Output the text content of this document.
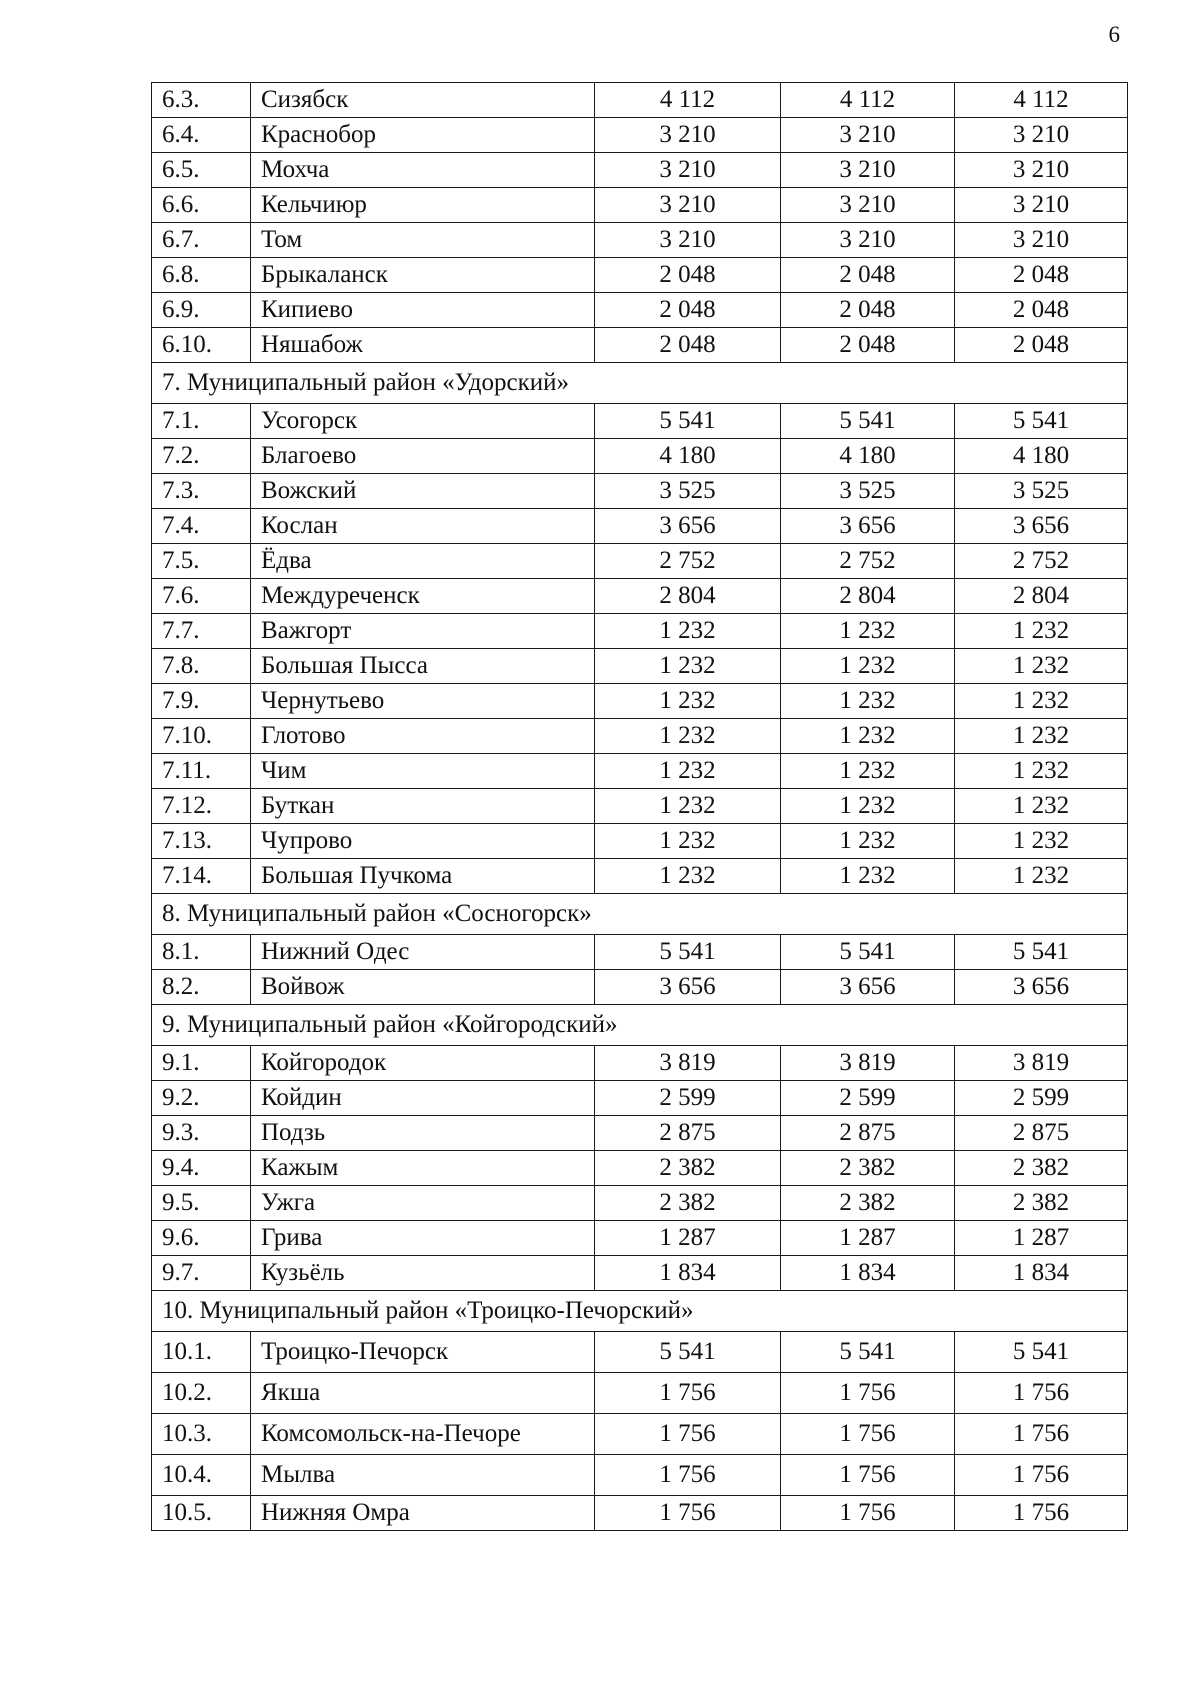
6
6.3.	Сизябск	4 112	4 112	4 112
6.4.	Краснобор	3 210	3 210	3 210
6.5.	Мохча	3 210	3 210	3 210
6.6.	Кельчиюр	3 210	3 210	3 210
6.7.	Том	3 210	3 210	3 210
6.8.	Брыкаланск	2 048	2 048	2 048
6.9.	Кипиево	2 048	2 048	2 048
6.10.	Няшабож	2 048	2 048	2 048
7. Муниципальный район «Удорский»				
7.1.	Усогорск	5 541	5 541	5 541
7.2.	Благоево	4 180	4 180	4 180
7.3.	Вожский	3 525	3 525	3 525
7.4.	Кослан	3 656	3 656	3 656
7.5.	Ёдва	2 752	2 752	2 752
7.6.	Междуреченск	2 804	2 804	2 804
7.7.	Важгорт	1 232	1 232	1 232
7.8.	Большая Пысса	1 232	1 232	1 232
7.9.	Чернутьево	1 232	1 232	1 232
7.10.	Глотово	1 232	1 232	1 232
7.11.	Чим	1 232	1 232	1 232
7.12.	Буткан	1 232	1 232	1 232
7.13.	Чупрово	1 232	1 232	1 232
7.14.	Большая Пучкома	1 232	1 232	1 232
8. Муниципальный район «Сосногорск»				
8.1.	Нижний Одес	5 541	5 541	5 541
8.2.	Войвож	3 656	3 656	3 656
9. Муниципальный район «Койгородский»				
9.1.	Койгородок	3 819	3 819	3 819
9.2.	Койдин	2 599	2 599	2 599
9.3.	Подзь	2 875	2 875	2 875
9.4.	Кажым	2 382	2 382	2 382
9.5.	Ужга	2 382	2 382	2 382
9.6.	Грива	1 287	1 287	1 287
9.7.	Кузьёль	1 834	1 834	1 834
10. Муниципальный район «Троицко-Печорский»				
10.1.	Троицко-Печорск	5 541	5 541	5 541
10.2.	Якша	1 756	1 756	1 756
10.3.	Комсомольск-на-Печоре	1 756	1 756	1 756
10.4.	Мылва	1 756	1 756	1 756
10.5.	Нижняя Омра	1 756	1 756	1 756
